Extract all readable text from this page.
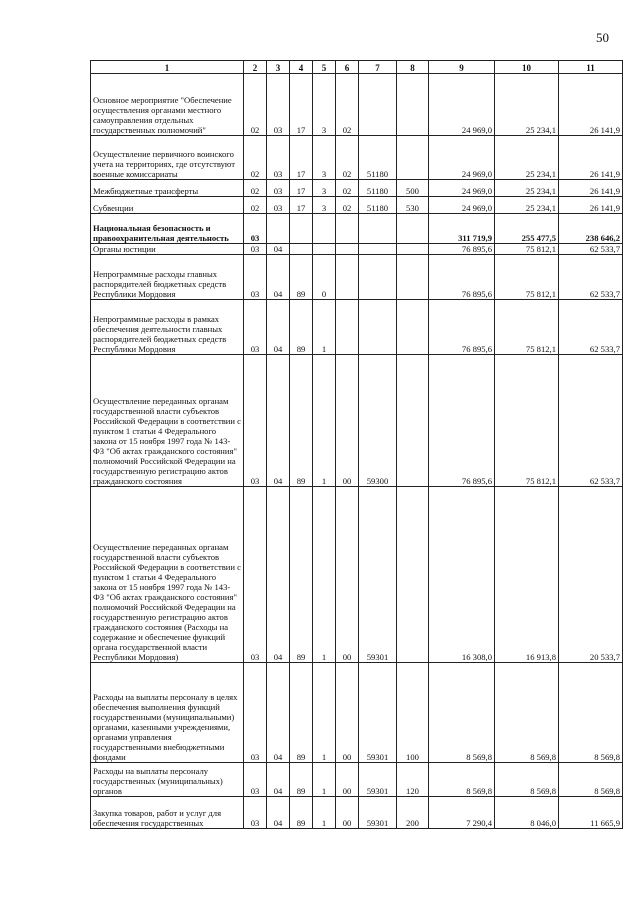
50
1	2	3	4	5	6	7	8	9	10	11
Основное мероприятие "Обеспечение осуществления органами местного самоуправления отдельных государственных полномочий"	02	03	17	3	02			24 969,0	25 234,1	26 141,9
Осуществление первичного воинского учета на территориях, где отсутствуют военные комиссариаты	02	03	17	3	02	51180		24 969,0	25 234,1	26 141,9
Межбюджетные трансферты	02	03	17	3	02	51180	500	24 969,0	25 234,1	26 141,9
Субвенции	02	03	17	3	02	51180	530	24 969,0	25 234,1	26 141,9
Национальная безопасность и правоохранительная деятельность	03							311 719,9	255 477,5	238 646,2
Органы юстиции	03	04						76 895,6	75 812,1	62 533,7
Непрограммные расходы главных распорядителей бюджетных средств Республики Мордовия	03	04	89	0				76 895,6	75 812,1	62 533,7
Непрограммные расходы в рамках обеспечения деятельности главных распорядителей бюджетных средств Республики Мордовия	03	04	89	1				76 895,6	75 812,1	62 533,7
Осуществление переданных органам государственной власти субъектов Российской Федерации в соответствии с пунктом 1 статьи 4 Федерального закона от 15 ноября 1997 года № 143-ФЗ "Об актах гражданского состояния" полномочий Российской Федерации на государственную регистрацию актов гражданского состояния	03	04	89	1	00	59300		76 895,6	75 812,1	62 533,7
Осуществление переданных органам государственной власти субъектов Российской Федерации в соответствии с пунктом 1 статьи 4 Федерального закона от 15 ноября 1997 года № 143-ФЗ "Об актах гражданского состояния" полномочий Российской Федерации на государственную регистрацию актов гражданского состояния (Расходы на содержание и обеспечение функций органа государственной власти Республики Мордовия)	03	04	89	1	00	59301		16 308,0	16 913,8	20 533,7
Расходы на выплаты персоналу в целях обеспечения выполнения функций государственными (муниципальными) органами, казенными учреждениями, органами управления государственными внебюджетными фондами	03	04	89	1	00	59301	100	8 569,8	8 569,8	8 569,8
Расходы на выплаты персоналу государственных (муниципальных) органов	03	04	89	1	00	59301	120	8 569,8	8 569,8	8 569,8
Закупка товаров, работ и услуг для обеспечения государственных	03	04	89	1	00	59301	200	7 290,4	8 046,0	11 665,9
